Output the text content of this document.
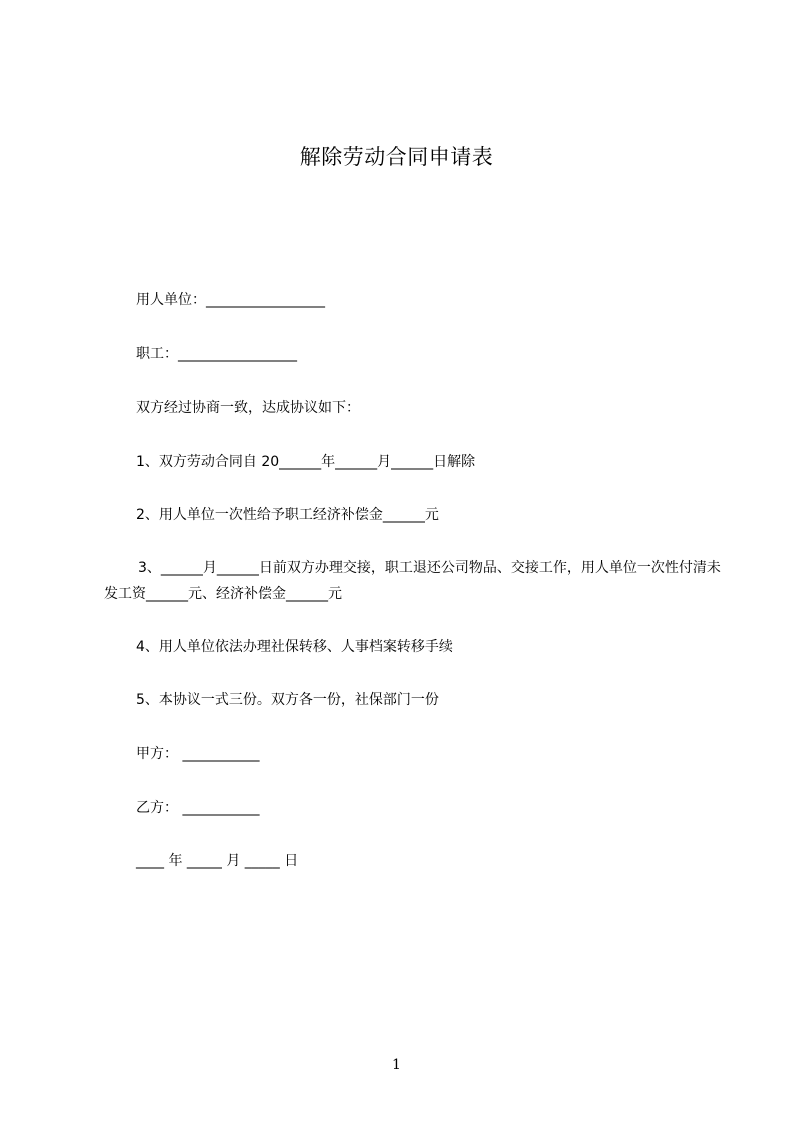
解除劳动合同申请表
用人单位：_________________
职工：_________________
双方经过协商一致，达成协议如下：
1、双方劳动合同自 20______年______月______日解除
2、用人单位一次性给予职工经济补偿金______元
3、______月______日前双方办理交接，职工退还公司物品、交接工作，用人单位一次性付清未发工资______元、经济补偿金______元
4、用人单位依法办理社保转移、人事档案转移手续
5、本协议一式三份。双方各一份，社保部门一份
甲方： ___________
乙方： ___________
____ 年 _____ 月 _____ 日
1
